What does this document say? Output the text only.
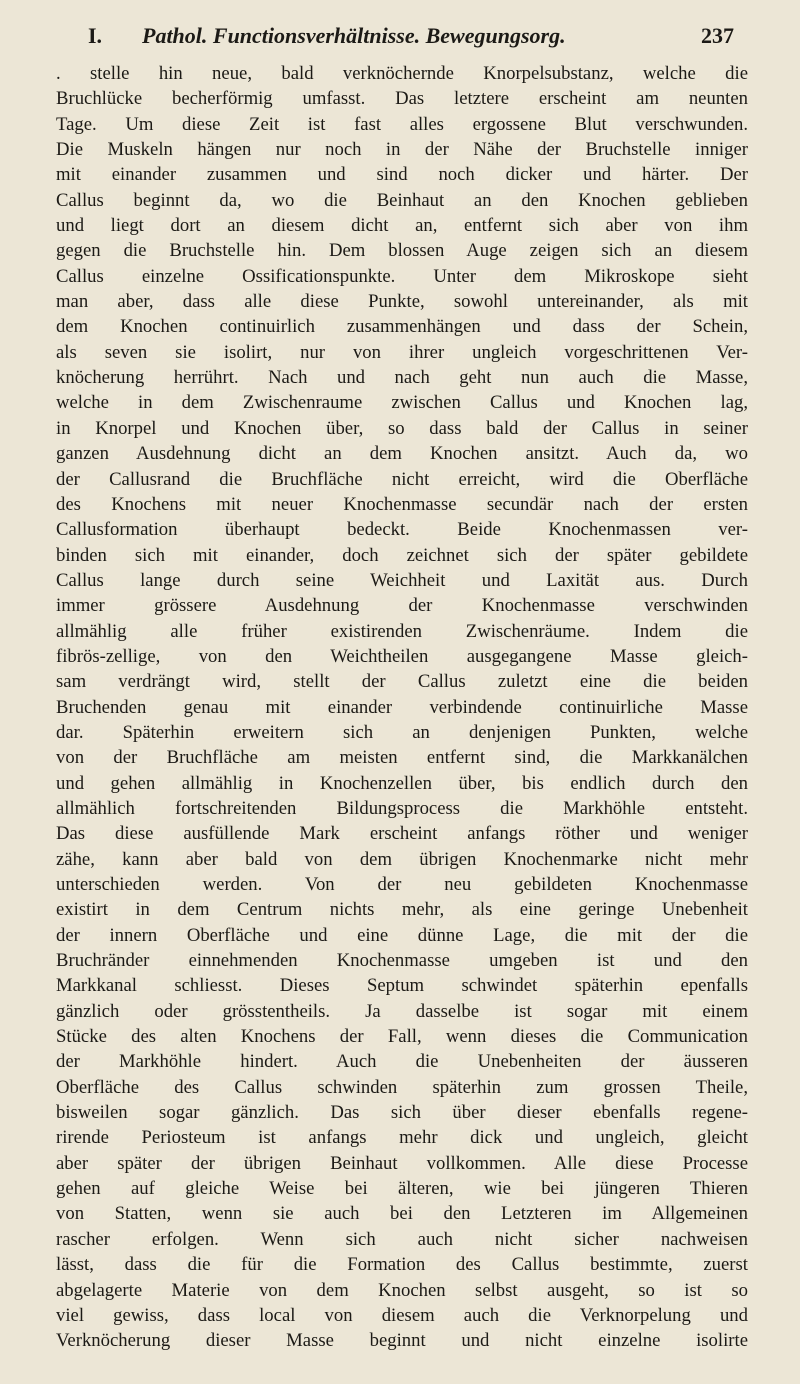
I. Pathol. Functionsverhältnisse. Bewegungsorg.	237
. stelle hin neue, bald verknöchernde Knorpelsubstanz, welche die
Bruchlücke becherförmig umfasst. Das letztere erscheint am neunten
Tage. Um diese Zeit ist fast alles ergossene Blut verschwunden.
Die Muskeln hängen nur noch in der Nähe der Bruchstelle inniger
mit einander zusammen und sind noch dicker und härter. Der
Callus beginnt da, wo die Beinhaut an den Knochen geblieben
und liegt dort an diesem dicht an, entfernt sich aber von ihm
gegen die Bruchstelle hin. Dem blossen Auge zeigen sich an diesem
Callus einzelne Ossificationspunkte. Unter dem Mikroskope sieht
man aber, dass alle diese Punkte, sowohl untereinander, als mit
dem Knochen continuirlich zusammenhängen und dass der Schein,
als seven sie isolirt, nur von ihrer ungleich vorgeschrittenen Ver-
knöcherung herrührt. Nach und nach geht nun auch die Masse,
welche in dem Zwischenraume zwischen Callus und Knochen lag,
in Knorpel und Knochen über, so dass bald der Callus in seiner
ganzen Ausdehnung dicht an dem Knochen ansitzt. Auch da, wo
der Callusrand die Bruchfläche nicht erreicht, wird die Oberfläche
des Knochens mit neuer Knochenmasse secundär nach der ersten
Callusformation überhaupt bedeckt. Beide Knochenmassen ver-
binden sich mit einander, doch zeichnet sich der später gebildete
Callus lange durch seine Weichheit und Laxität aus. Durch
immer grössere Ausdehnung der Knochenmasse verschwinden
allmählig alle früher existirenden Zwischenräume. Indem die
fibrös-zellige, von den Weichtheilen ausgegangene Masse gleich-
sam verdrängt wird, stellt der Callus zuletzt eine die beiden
Bruchenden genau mit einander verbindende continuirliche Masse
dar. Späterhin erweitern sich an denjenigen Punkten, welche
von der Bruchfläche am meisten entfernt sind, die Markkanälchen
und gehen allmählig in Knochenzellen über, bis endlich durch den
allmählich fortschreitenden Bildungsprocess die Markhöhle entsteht.
Das diese ausfüllende Mark erscheint anfangs röther und weniger
zähe, kann aber bald von dem übrigen Knochenmarke nicht mehr
unterschieden werden. Von der neu gebildeten Knochenmasse
existirt in dem Centrum nichts mehr, als eine geringe Unebenheit
der innern Oberfläche und eine dünne Lage, die mit der die
Bruchränder einnehmenden Knochenmasse umgeben ist und den
Markkanal schliesst. Dieses Septum schwindet späterhin epenfalls
gänzlich oder grösstentheils. Ja dasselbe ist sogar mit einem
Stücke des alten Knochens der Fall, wenn dieses die Communication
der Markhöhle hindert. Auch die Unebenheiten der äusseren
Oberfläche des Callus schwinden späterhin zum grossen Theile,
bisweilen sogar gänzlich. Das sich über dieser ebenfalls regene-
rirende Periosteum ist anfangs mehr dick und ungleich, gleicht
aber später der übrigen Beinhaut vollkommen. Alle diese Processe
gehen auf gleiche Weise bei älteren, wie bei jüngeren Thieren
von Statten, wenn sie auch bei den Letzteren im Allgemeinen
rascher erfolgen. Wenn sich auch nicht sicher nachweisen
lässt, dass die für die Formation des Callus bestimmte, zuerst
abgelagerte Materie von dem Knochen selbst ausgeht, so ist so
viel gewiss, dass local von diesem auch die Verknorpelung und
Verknöcherung dieser Masse beginnt und nicht einzelne isolirte
